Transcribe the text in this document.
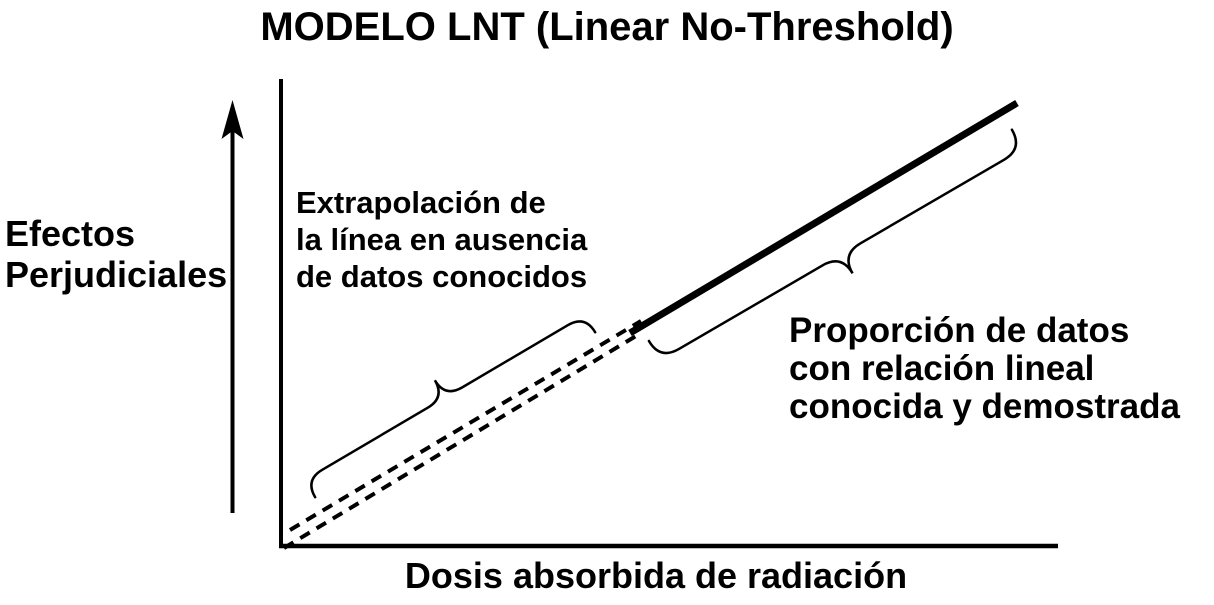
MODELO LNT (Linear No-Threshold)
Efectos
Perjudiciales
Dosis absorbida de radiación
Extrapolación de
la línea en ausencia
de datos conocidos
Proporción de datos
con relación lineal
conocida y demostrada
